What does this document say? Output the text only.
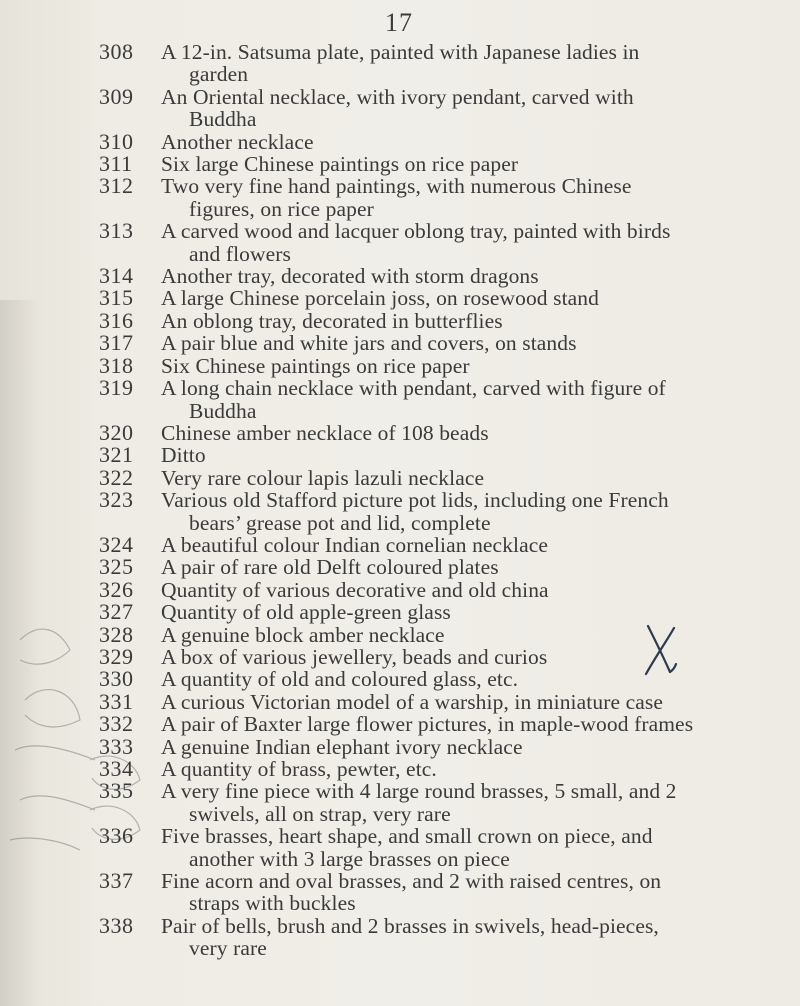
17
308	A 12-in. Satsuma plate, painted with Japanese ladies in garden
309	An Oriental necklace, with ivory pendant, carved with Buddha
310	Another necklace
311	Six large Chinese paintings on rice paper
312	Two very fine hand paintings, with numerous Chinese figures, on rice paper
313	A carved wood and lacquer oblong tray, painted with birds and flowers
314	Another tray, decorated with storm dragons
315	A large Chinese porcelain joss, on rosewood stand
316	An oblong tray, decorated in butterflies
317	A pair blue and white jars and covers, on stands
318	Six Chinese paintings on rice paper
319	A long chain necklace with pendant, carved with figure of Buddha
320	Chinese amber necklace of 108 beads
321	Ditto
322	Very rare colour lapis lazuli necklace
323	Various old Stafford picture pot lids, including one French bears’ grease pot and lid, complete
324	A beautiful colour Indian cornelian necklace
325	A pair of rare old Delft coloured plates
326	Quantity of various decorative and old china
327	Quantity of old apple-green glass
328	A genuine block amber necklace
329	A box of various jewellery, beads and curios
330	A quantity of old and coloured glass, etc.
331	A curious Victorian model of a warship, in miniature case
332	A pair of Baxter large flower pictures, in maple-wood frames
333	A genuine Indian elephant ivory necklace
334	A quantity of brass, pewter, etc.
335	A very fine piece with 4 large round brasses, 5 small, and 2 swivels, all on strap, very rare
336	Five brasses, heart shape, and small crown on piece, and another with 3 large brasses on piece
337	Fine acorn and oval brasses, and 2 with raised centres, on straps with buckles
338	Pair of bells, brush and 2 brasses in swivels, head-pieces, very rare
